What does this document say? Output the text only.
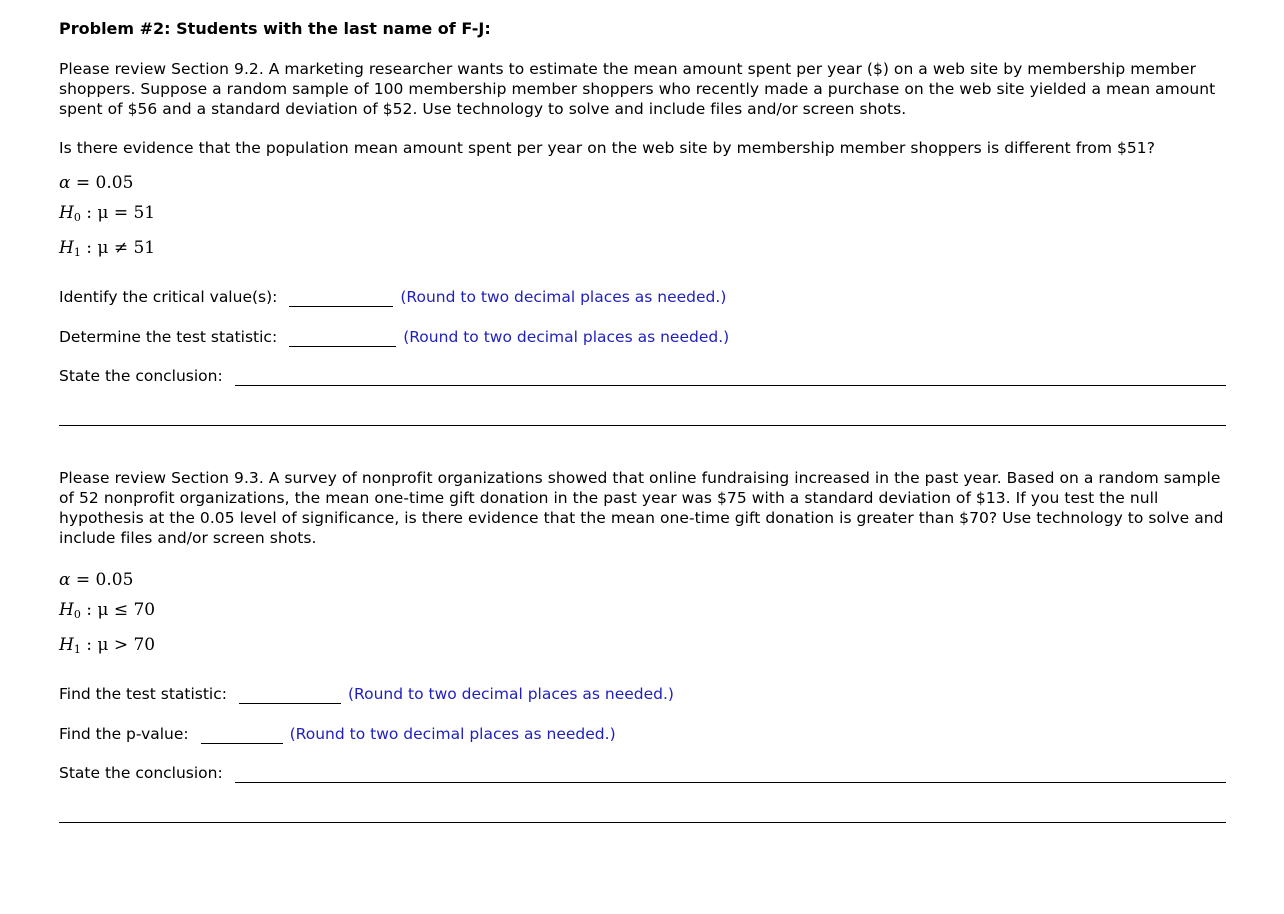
Problem #2: Students with the last name of F-J:

Please review Section 9.2. A marketing researcher wants to estimate the mean amount spent per year ($) on a web site by membership member shoppers. Suppose a random sample of 100 membership member shoppers who recently made a purchase on the web site yielded a mean amount spent of $56 and a standard deviation of $52. Use technology to solve and include files and/or screen shots.

Is there evidence that the population mean amount spent per year on the web site by membership member shoppers is different from $51?

α = 0.05

$H_0$ : μ = 51

$H_1$ : μ ≠ 51

Identify the critical value(s):	(Round to two decimal places as needed.)
Determine the test statistic:	(Round to two decimal places as needed.)
State the conclusion:

Please review Section 9.3. A survey of nonprofit organizations showed that online fundraising increased in the past year. Based on a random sample of 52 nonprofit organizations, the mean one-time gift donation in the past year was $75 with a standard deviation of $13. If you test the null hypothesis at the 0.05 level of significance, is there evidence that the mean one-time gift donation is greater than $70? Use technology to solve and include files and/or screen shots.

α = 0.05

$H_0$ : μ ≤ 70

$H_1$ : μ > 70

Find the test statistic:	(Round to two decimal places as needed.)
Find the p-value:	(Round to two decimal places as needed.)
State the conclusion:
